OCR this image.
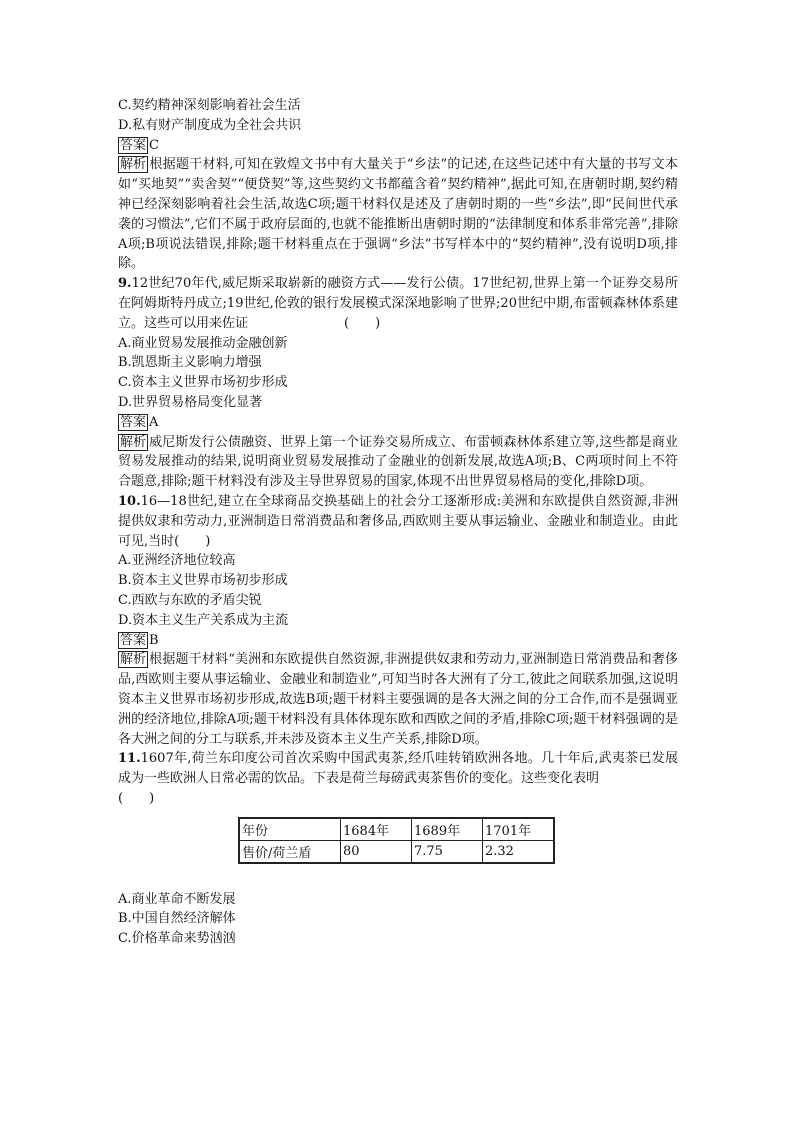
C.契约精神深刻影响着社会生活
D.私有财产制度成为全社会共识
答案 C
解析 根据题干材料,可知在敦煌文书中有大量关于“乡法”的记述,在这些记述中有大量的书写文本如“买地契”“卖舍契”“便贷契”等,这些契约文书都蕴含着“契约精神”,据此可知,在唐朝时期,契约精神已经深刻影响着社会生活,故选C项;题干材料仅是述及了唐朝时期的一些“乡法”,即“民间世代承袭的习惯法”,它们不属于政府层面的,也就不能推断出唐朝时期的“法律制度和体系非常完善”,排除A项;B项说法错误,排除;题干材料重点在于强调“乡法”书写样本中的“契约精神”,没有说明D项,排除。
9.12世纪70年代,威尼斯采取崭新的融资方式——发行公债。17世纪初,世界上第一个证券交易所在阿姆斯特丹成立;19世纪,伦敦的银行发展模式深深地影响了世界;20世纪中期,布雷顿森林体系建立。这些可以用来佐证	(　　)
A.商业贸易发展推动金融创新
B.凯恩斯主义影响力增强
C.资本主义世界市场初步形成
D.世界贸易格局变化显著
答案 A
解析 威尼斯发行公债融资、世界上第一个证券交易所成立、布雷顿森林体系建立等,这些都是商业贸易发展推动的结果,说明商业贸易发展推动了金融业的创新发展,故选A项;B、C两项时间上不符合题意,排除;题干材料没有涉及主导世界贸易的国家,体现不出世界贸易格局的变化,排除D项。
10.16—18世纪,建立在全球商品交换基础上的社会分工逐渐形成:美洲和东欧提供自然资源,非洲提供奴隶和劳动力,亚洲制造日常消费品和奢侈品,西欧则主要从事运输业、金融业和制造业。由此可见,当时(　　)
A.亚洲经济地位较高
B.资本主义世界市场初步形成
C.西欧与东欧的矛盾尖锐
D.资本主义生产关系成为主流
答案 B
解析 根据题干材料“美洲和东欧提供自然资源,非洲提供奴隶和劳动力,亚洲制造日常消费品和奢侈品,西欧则主要从事运输业、金融业和制造业”,可知当时各大洲有了分工,彼此之间联系加强,这说明资本主义世界市场初步形成,故选B项;题干材料主要强调的是各大洲之间的分工合作,而不是强调亚洲的经济地位,排除A项;题干材料没有具体体现东欧和西欧之间的矛盾,排除C项;题干材料强调的是各大洲之间的分工与联系,并未涉及资本主义生产关系,排除D项。
11.1607年,荷兰东印度公司首次采购中国武夷茶,经爪哇转销欧洲各地。几十年后,武夷茶已发展成为一些欧洲人日常必需的饮品。下表是荷兰每磅武夷茶售价的变化。这些变化表明
(　　)
年份	1684年	1689年	1701年
售价/荷兰盾	80	7.75	2.32
A.商业革命不断发展
B.中国自然经济解体
C.价格革命来势汹汹
